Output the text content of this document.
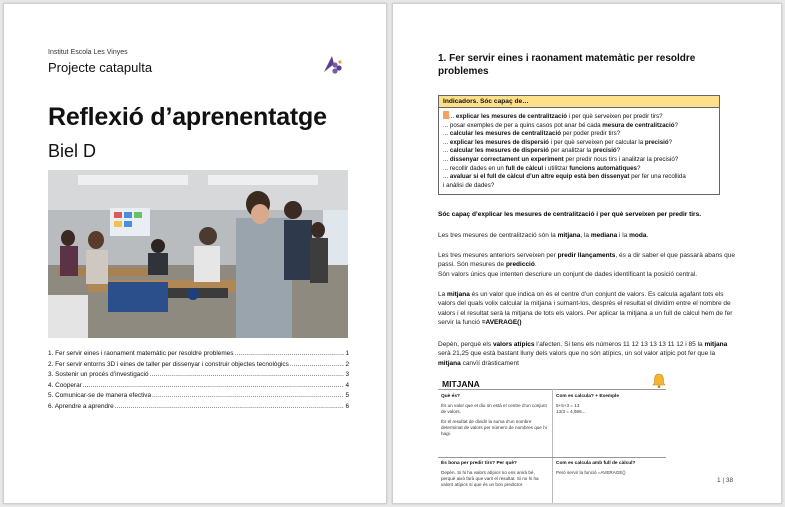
Institut Escola Les Vinyes
Projecte catapulta
Reflexió d’aprenentatge
Biel D
1. Fer servir eines i raonament matemàtic per resoldre problemes .....	1
2. Fer servir entorns 3D i eines de taller per dissenyar i construir objectes tecnològics .....	2
3. Sostenir un procés d’investigació .....	3
4. Cooperar .....	4
5. Comunicar-se de manera efectiva .....	5
6. Aprendre a aprendre .....	6
1. Fer servir eines i raonament matemàtic per resoldre problemes
Indicadors. Sóc capaç de…
... explicar les mesures de centralització i per què serveixen per predir tirs?
... posar exemples de per a quins casos pot anar bé cada mesura de centralització?
... calcular les mesures de centralització per poder predir tirs?
... explicar les mesures de dispersió i per què serveixen per calcular la precisió?
... calcular les mesures de dispersió per analitzar la precisió?
... dissenyar correctament un experiment per predir nous tirs i analitzar la precisió?
... recollir dades en un full de càlcul i utilitzar funcions automàtiques?
... avaluar si el full de càlcul d’un altre equip està ben dissenyat per fer una recollida
i anàlisi de dades?
Sóc capaç d’explicar les mesures de centralització i per què serveixen per predir tirs.
Les tres mesures de centralització són la mitjana, la mediana i la moda.
Les tres mesures anteriors serveixen per predir llançaments, és a dir saber el que passarà abans que passi. Són mesures de predicció.
Són valors únics que intenten descriure un conjunt de dades identificant la posició central.
La mitjana és un valor que indica on és el centre d’un conjunt de valors. Es calcula agafant tots els valors del quals volix calcular la mitjana i sumant-los, després el resultat el dividim entre el nombre de valors i el resultat serà la mitjana de tots els valors. Per aplicar la mitjana a un full de càlcul hem de fer servir la funció =AVERAGE()
Depèn, perquè els valors atípics l’afecten. Si tens els números 11 12 13 13 13 11 12 i 85 la mitjana serà 21,25 que està bastant lluny dels valors que no són atípics, un sol valor atípic pot fer que la mitjana canvïí dràsticament
MITJANA
Què és?
És un valor que et diu on està el centre d’un conjunt de valors.
És el resultat de dividir la suma d’un nombre determinat de valors per número de nombres que hi hagi.
Com es calcula? + Exemple
5+5+3 = 13
13/3 = 4,666...
És bona per predir tirs? Per què?
Depèn. Si hi ha valors atípics no ens anirà bé, perquè això farà que variï el resultat. Si no hi ha valors atípics sí que és un bon predictor.
Com es calcula amb full de càlcul?
Però servir la funció =AVERAGE()
1 | 38
